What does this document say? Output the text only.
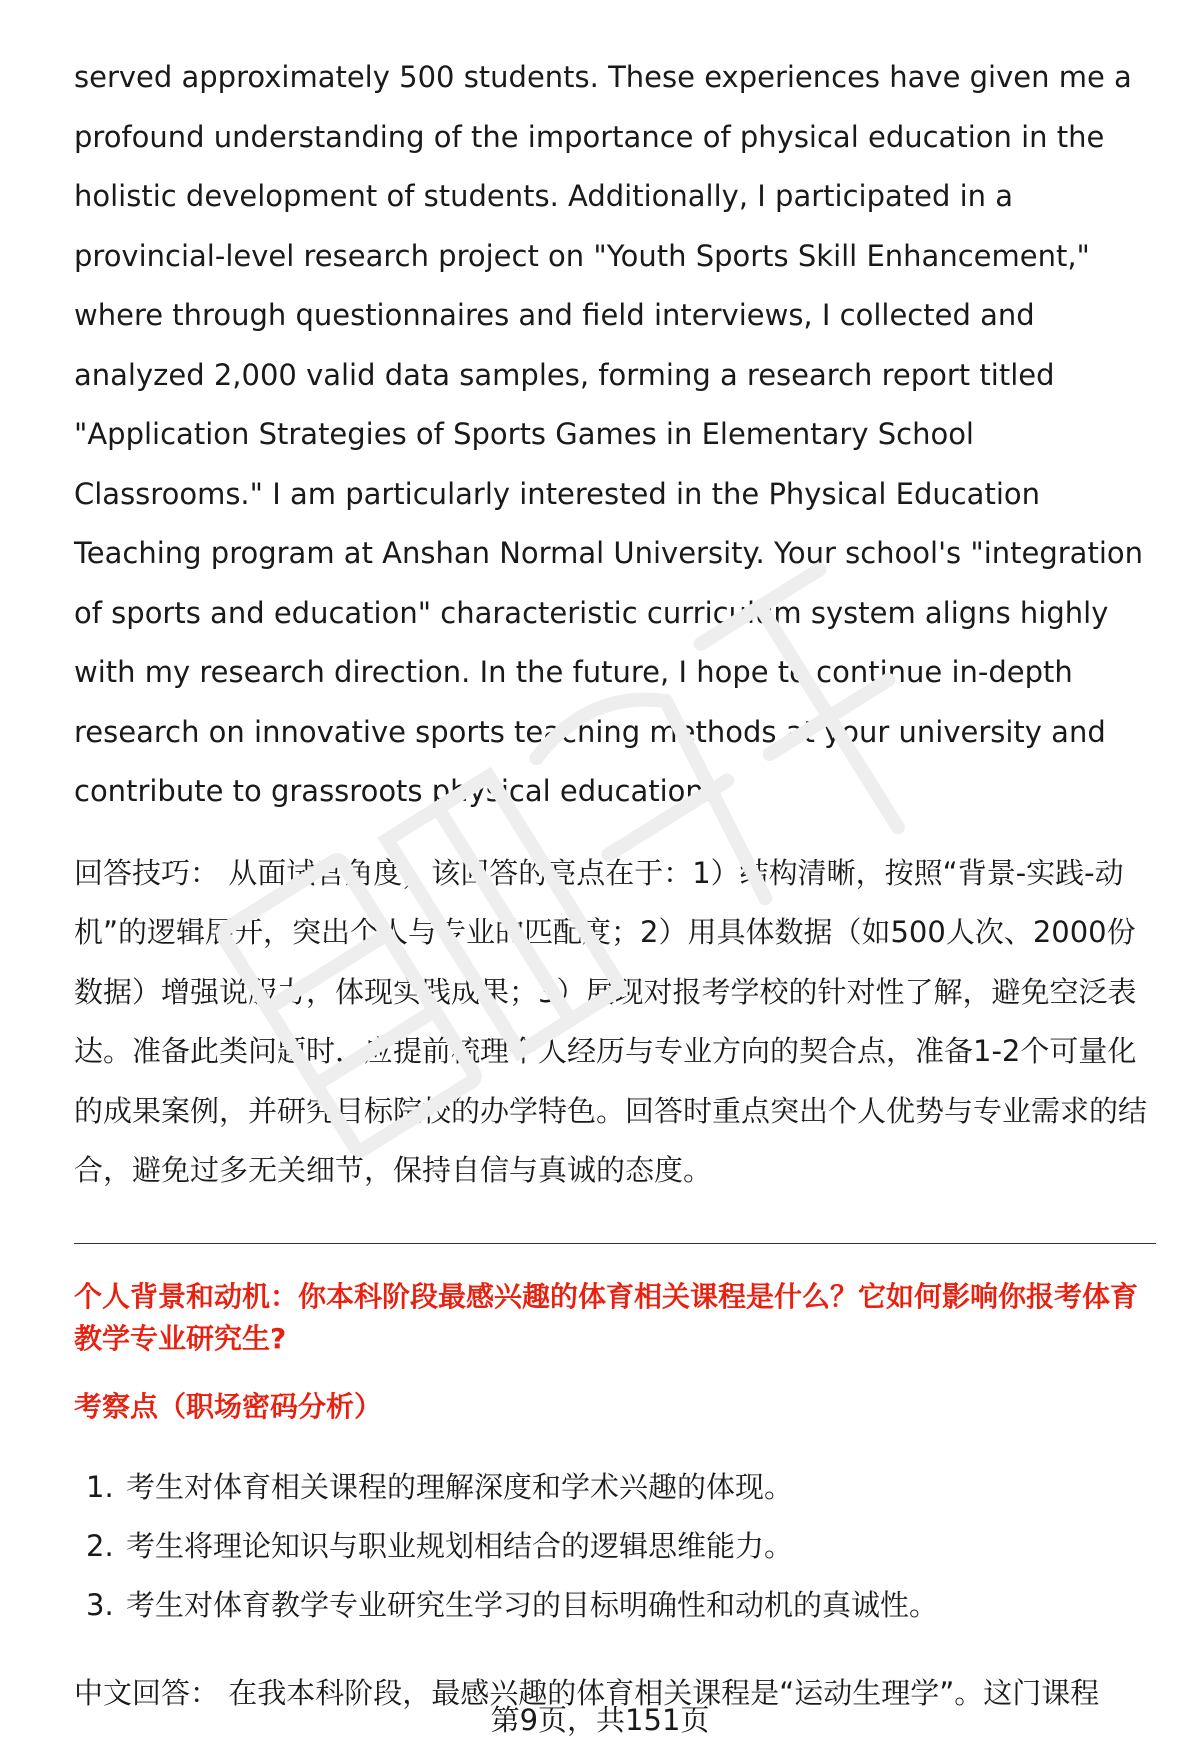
served approximately 500 students. These experiences have given me a profound understanding of the importance of physical education in the holistic development of students. Additionally, I participated in a provincial-level research project on "Youth Sports Skill Enhancement," where through questionnaires and field interviews, I collected and analyzed 2,000 valid data samples, forming a research report titled "Application Strategies of Sports Games in Elementary School Classrooms." I am particularly interested in the Physical Education Teaching program at Anshan Normal University. Your school's "integration of sports and education" characteristic curriculum system aligns highly with my research direction. In the future, I hope to continue in-depth research on innovative sports teaching methods at your university and contribute to grassroots physical education.

回答技巧： 从面试官角度，该回答的亮点在于：1）结构清晰，按照“背景-实践-动机”的逻辑展开，突出个人与专业的匹配度；2）用具体数据（如500人次、2000份数据）增强说服力，体现实践成果；3）展现对报考学校的针对性了解，避免空泛表达。准备此类问题时，应提前梳理个人经历与专业方向的契合点，准备1-2个可量化的成果案例，并研究目标院校的办学特色。回答时重点突出个人优势与专业需求的结合，避免过多无关细节，保持自信与真诚的态度。

个人背景和动机：你本科阶段最感兴趣的体育相关课程是什么？它如何影响你报考体育教学专业研究生?
考察点（职场密码分析）
1. 考生对体育相关课程的理解深度和学术兴趣的体现。
2. 考生将理论知识与职业规划相结合的逻辑思维能力。
3. 考生对体育教学专业研究生学习的目标明确性和动机的真诚性。

中文回答： 在我本科阶段，最感兴趣的体育相关课程是“运动生理学”。这门课程

第9页，共151页
